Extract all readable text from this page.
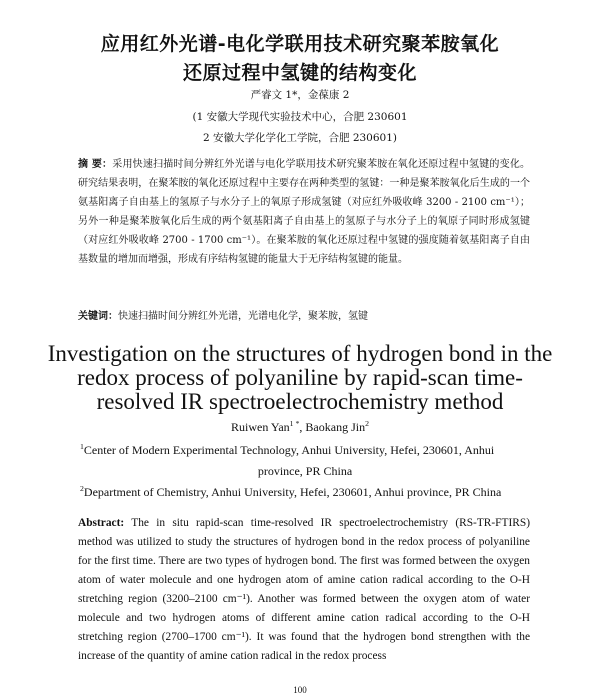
应用红外光谱-电化学联用技术研究聚苯胺氧化
还原过程中氢键的结构变化
严睿文 1*，金葆康 2
(1 安徽大学现代实验技术中心，合肥 230601
2 安徽大学化学化工学院，合肥 230601)

摘 要：采用快速扫描时间分辨红外光谱与电化学联用技术研究聚苯胺在氧化还原过程中氢键的变化。研究结果表明，在聚苯胺的氧化还原过程中主要存在两种类型的氢键：一种是聚苯胺氧化后生成的一个氨基阳离子自由基上的氢原子与水分子上的氧原子形成氢键（对应红外吸收峰 3200 - 2100 cm⁻¹）；另外一种是聚苯胺氧化后生成的两个氨基阳离子自由基上的氢原子与水分子上的氧原子同时形成氢键（对应红外吸收峰 2700 - 1700 cm⁻¹）。在聚苯胺的氧化还原过程中氢键的强度随着氨基阳离子自由基数量的增加而增强，形成有序结构氢键的能量大于无序结构氢键的能量。

关键词：快速扫描时间分辨红外光谱，光谱电化学，聚苯胺，氢键
Investigation on the structures of hydrogen bond in the redox process of polyaniline by rapid-scan time-resolved IR spectroelectrochemistry method
Ruiwen Yan$^{1 *}$, Baokang Jin$^2$
$^1$Center of Modern Experimental Technology, Anhui University, Hefei, 230601, Anhui
province, PR China
$^2$Department of Chemistry, Anhui University, Hefei, 230601, Anhui province, PR China

Abstract: The in situ rapid-scan time-resolved IR spectroelectrochemistry (RS-TR-FTIRS) method was utilized to study the structures of hydrogen bond in the redox process of polyaniline for the first time. There are two types of hydrogen bond. The first was formed between the oxygen atom of water molecule and one hydrogen atom of amine cation radical according to the O-H stretching region (3200–2100 cm⁻¹). Another was formed between the oxygen atom of water molecule and two hydrogen atoms of different amine cation radical according to the O-H stretching region (2700–1700 cm⁻¹). It was found that the hydrogen bond strengthen with the increase of the quantity of amine cation radical in the redox process

100
